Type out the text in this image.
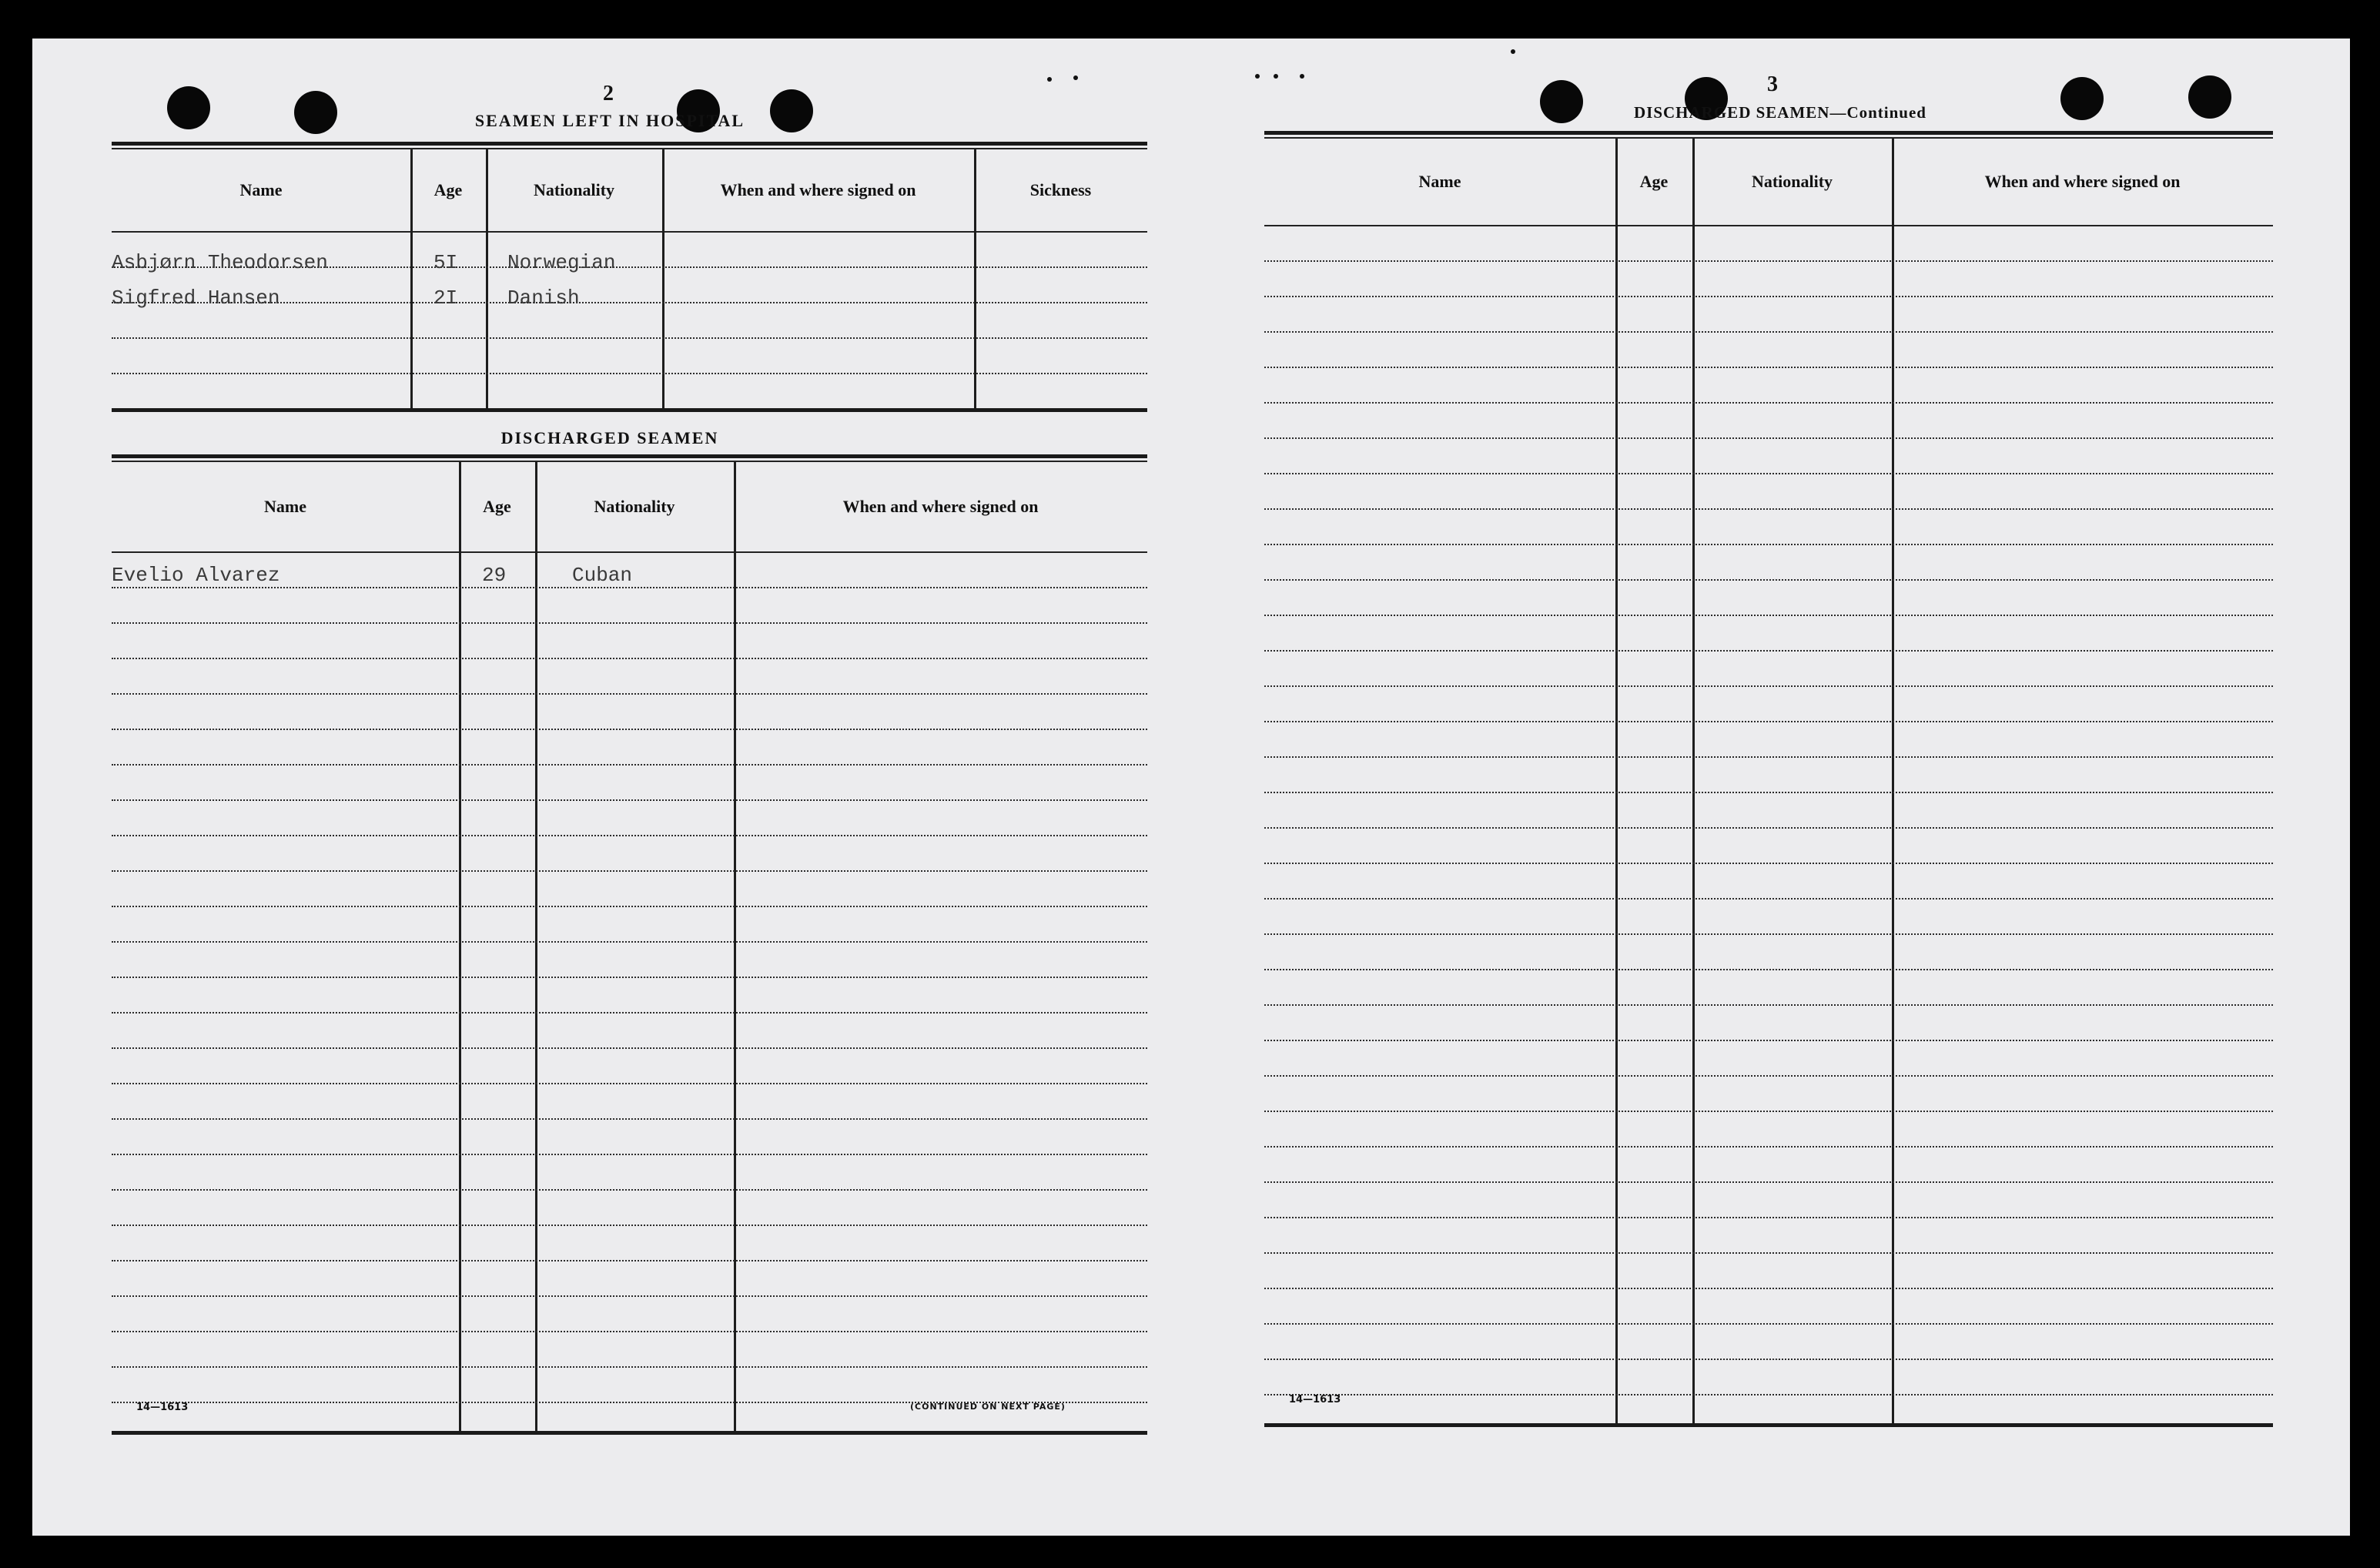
2
SEAMEN LEFT IN HOSPITAL
Name	Age	Nationality	When and where signed on	Sickness
Asbjørn Theodorsen	5I Norwegian
Sigfred Hansen	2I Danish
DISCHARGED SEAMEN
Name	Age	Nationality	When and where signed on
Evelio Alvarez	29	Cuban
14—1613	(CONTINUED ON NEXT PAGE)
3
DISCHARGED SEAMEN—Continued
Name	Age	Nationality	When and where signed on
14—1613
